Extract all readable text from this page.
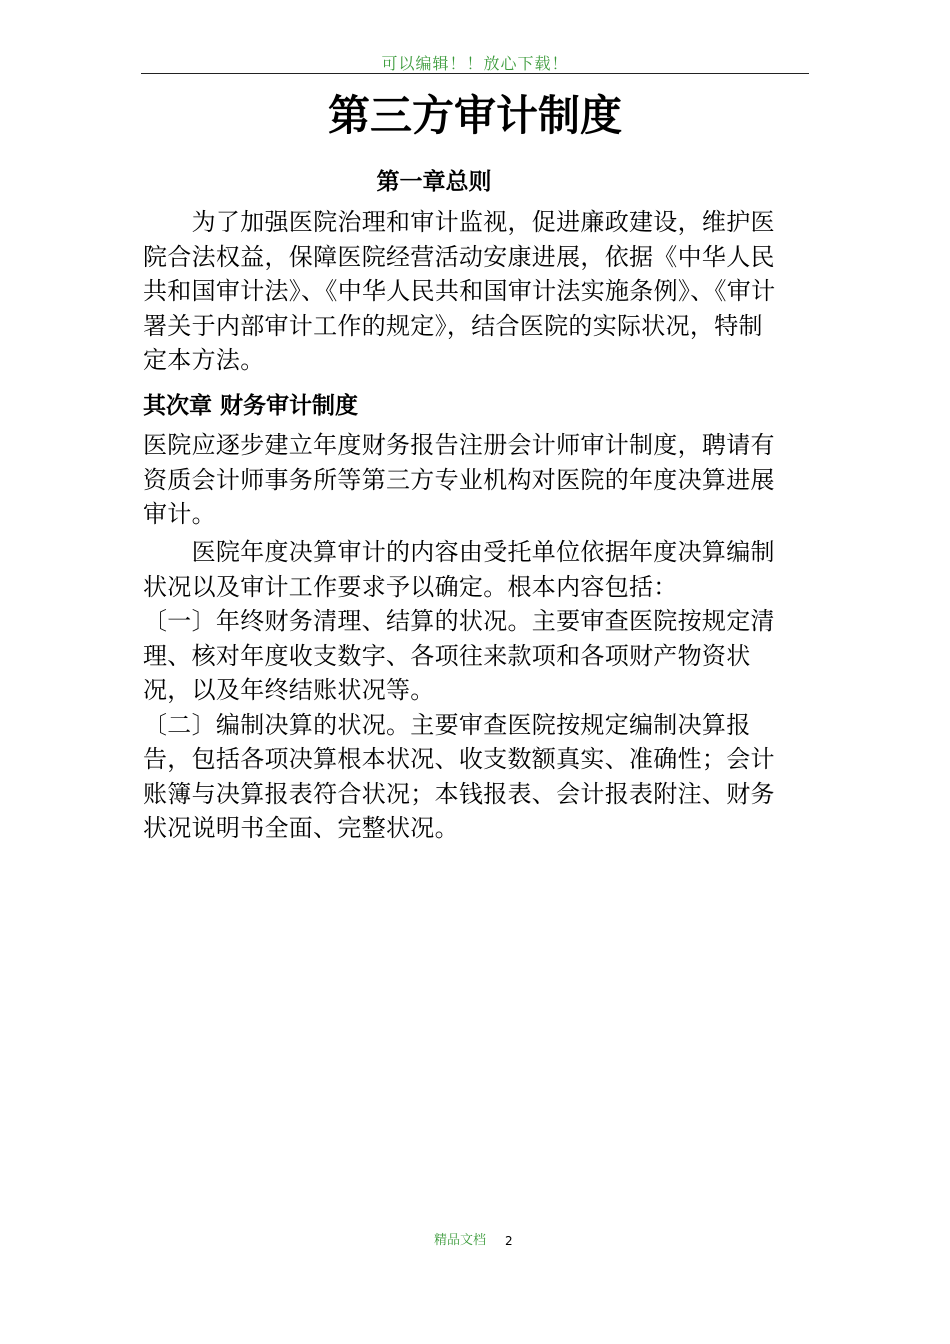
可以编辑！！放心下载！
第三方审计制度
第一章总则

　　为了加强医院治理和审计监视，促进廉政建设，维护医院合法权益，保障医院经营活动安康进展，依据《中华人民共和国审计法》、《中华人民共和国审计法实施条例》、《审计署关于内部审计工作的规定》，结合医院的实际状况，特制定本方法。

其次章 财务审计制度

医院应逐步建立年度财务报告注册会计师审计制度，聘请有资质会计师事务所等第三方专业机构对医院的年度决算进展审计。

　　医院年度决算审计的内容由受托单位依据年度决算编制状况以及审计工作要求予以确定。根本内容包括：
〔一〕年终财务清理、结算的状况。主要审查医院按规定清理、核对年度收支数字、各项往来款项和各项财产物资状况，以及年终结账状况等。
〔二〕编制决算的状况。主要审查医院按规定编制决算报告，包括各项决算根本状况、收支数额真实、准确性；会计账簿与决算报表符合状况；本钱报表、会计报表附注、财务状况说明书全面、完整状况。

精品文档 2
